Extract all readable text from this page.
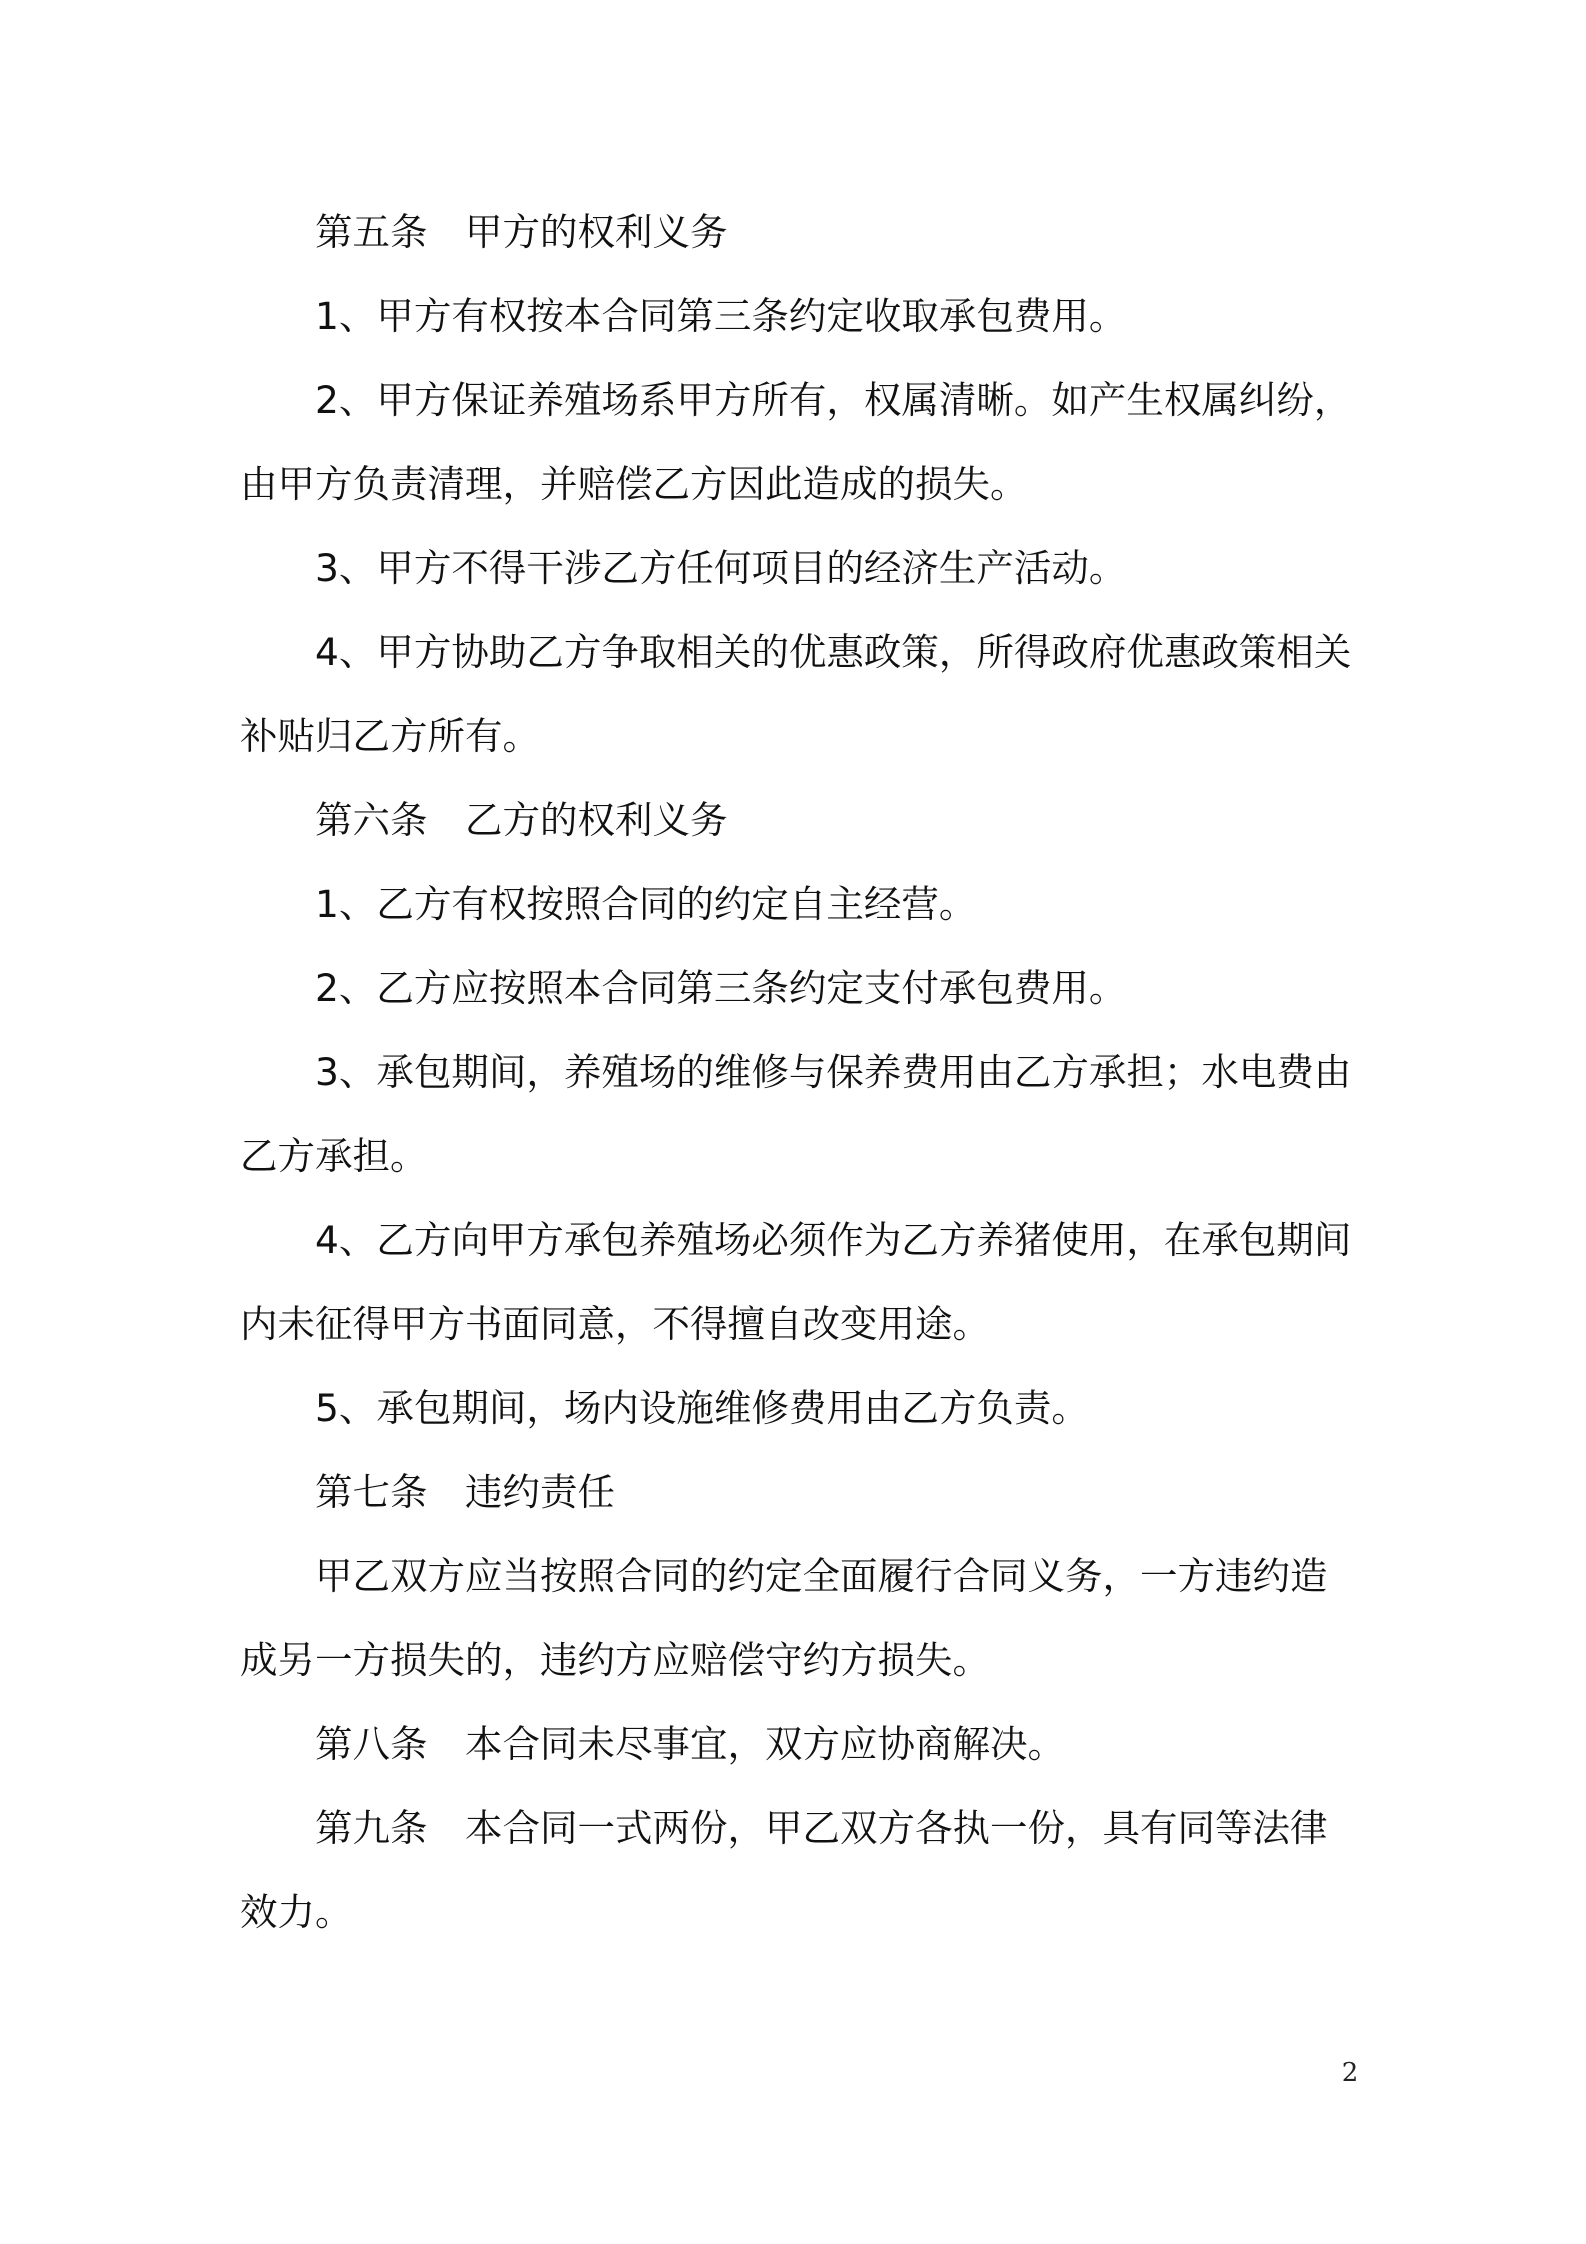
第五条　甲方的权利义务

1、甲方有权按本合同第三条约定收取承包费用。

2、甲方保证养殖场系甲方所有，权属清晰。如产生权属纠纷，由甲方负责清理，并赔偿乙方因此造成的损失。

3、甲方不得干涉乙方任何项目的经济生产活动。

4、甲方协助乙方争取相关的优惠政策，所得政府优惠政策相关补贴归乙方所有。

第六条　乙方的权利义务

1、乙方有权按照合同的约定自主经营。

2、乙方应按照本合同第三条约定支付承包费用。

3、承包期间，养殖场的维修与保养费用由乙方承担；水电费由乙方承担。

4、乙方向甲方承包养殖场必须作为乙方养猪使用，在承包期间内未征得甲方书面同意，不得擅自改变用途。

5、承包期间，场内设施维修费用由乙方负责。

第七条　违约责任

甲乙双方应当按照合同的约定全面履行合同义务，一方违约造成另一方损失的，违约方应赔偿守约方损失。

第八条　本合同未尽事宜，双方应协商解决。

第九条　本合同一式两份，甲乙双方各执一份，具有同等法律效力。

2
